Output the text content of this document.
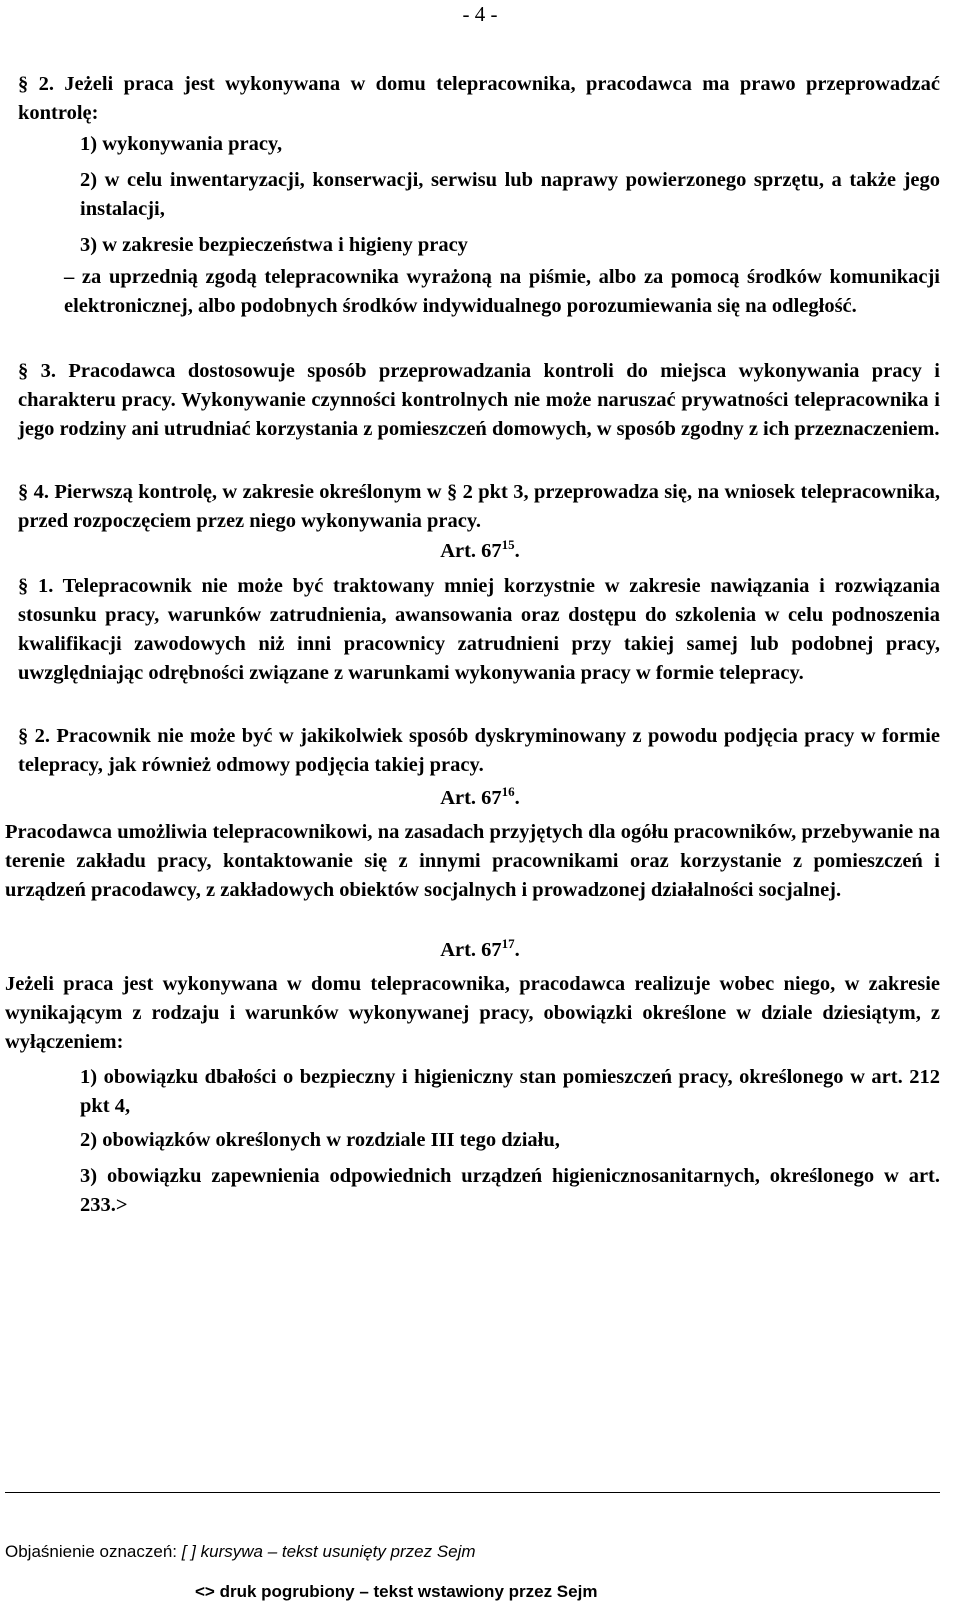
- 4 -

§ 2. Jeżeli praca jest wykonywana w domu telepracownika, pracodawca ma prawo przeprowadzać kontrolę:

1) wykonywania pracy,

2) w celu inwentaryzacji, konserwacji, serwisu lub naprawy powierzonego sprzętu, a także jego instalacji,

3) w zakresie bezpieczeństwa i higieny pracy

– za uprzednią zgodą telepracownika wyrażoną na piśmie, albo za pomocą środków komunikacji elektronicznej, albo podobnych środków indywidualnego porozumiewania się na odległość.

§ 3. Pracodawca dostosowuje sposób przeprowadzania kontroli do miejsca wykonywania pracy i charakteru pracy. Wykonywanie czynności kontrolnych nie może naruszać prywatności telepracownika i jego rodziny ani utrudniać korzystania z pomieszczeń domowych, w sposób zgodny z ich przeznaczeniem.

§ 4. Pierwszą kontrolę, w zakresie określonym w § 2 pkt 3, przeprowadza się, na wniosek telepracownika, przed rozpoczęciem przez niego wykonywania pracy.

Art. $67^{15}$.

§ 1. Telepracownik nie może być traktowany mniej korzystnie w zakresie nawiązania i rozwiązania stosunku pracy, warunków zatrudnienia, awansowania oraz dostępu do szkolenia w celu podnoszenia kwalifikacji zawodowych niż inni pracownicy zatrudnieni przy takiej samej lub podobnej pracy, uwzględniając odrębności związane z warunkami wykonywania pracy w formie telepracy.

§ 2. Pracownik nie może być w jakikolwiek sposób dyskryminowany z powodu podjęcia pracy w formie telepracy, jak również odmowy podjęcia takiej pracy.

Art. $67^{16}$.

Pracodawca umożliwia telepracownikowi, na zasadach przyjętych dla ogółu pracowników, przebywanie na terenie zakładu pracy, kontaktowanie się z innymi pracownikami oraz korzystanie z pomieszczeń i urządzeń pracodawcy, z zakładowych obiektów socjalnych i prowadzonej działalności socjalnej.

Art. $67^{17}$.

Jeżeli praca jest wykonywana w domu telepracownika, pracodawca realizuje wobec niego, w zakresie wynikającym z rodzaju i warunków wykonywanej pracy, obowiązki określone w dziale dziesiątym, z wyłączeniem:

1) obowiązku dbałości o bezpieczny i higieniczny stan pomieszczeń pracy, określonego w art. 212 pkt 4,

2) obowiązków określonych w rozdziale III tego działu,

3) obowiązku zapewnienia odpowiednich urządzeń higienicznosanitarnych, określonego w art. 233.>

Objaśnienie oznaczeń: [ ] kursywa – tekst usunięty przez Sejm
<> druk pogrubiony – tekst wstawiony przez Sejm
